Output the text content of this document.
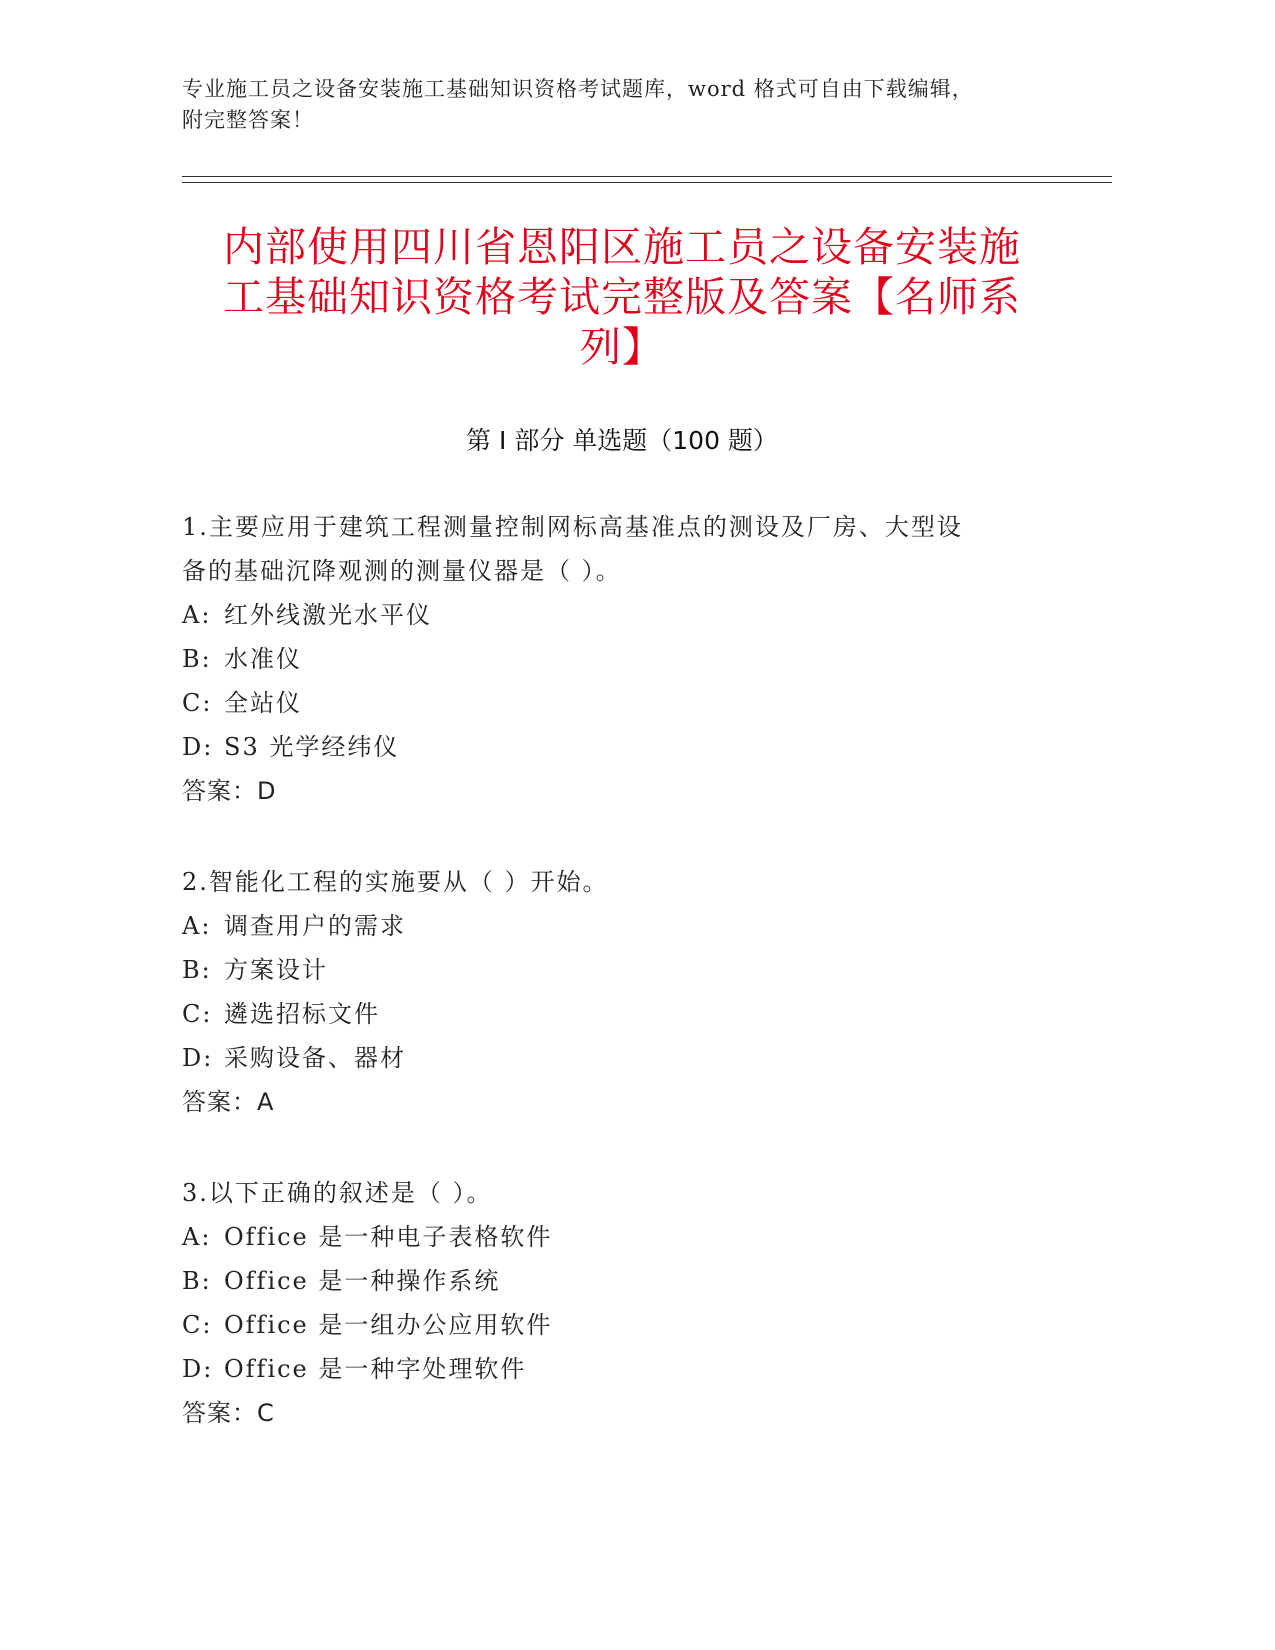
专业施工员之设备安装施工基础知识资格考试题库，word 格式可自由下载编辑，
附完整答案！
内部使用四川省恩阳区施工员之设备安装施
工基础知识资格考试完整版及答案【名师系
列】
第 I 部分 单选题（100 题）

1.主要应用于建筑工程测量控制网标高基准点的测设及厂房、大型设

备的基础沉降观测的测量仪器是（ ）。

A: 红外线激光水平仪

B: 水准仪

C: 全站仪

D: S3 光学经纬仪

答案：D

2.智能化工程的实施要从（ ）开始。

A: 调查用户的需求

B: 方案设计

C: 遴选招标文件

D: 采购设备、器材

答案：A

3.以下正确的叙述是（ ）。

A: Office 是一种电子表格软件

B: Office 是一种操作系统

C: Office 是一组办公应用软件

D: Office 是一种字处理软件

答案：C
